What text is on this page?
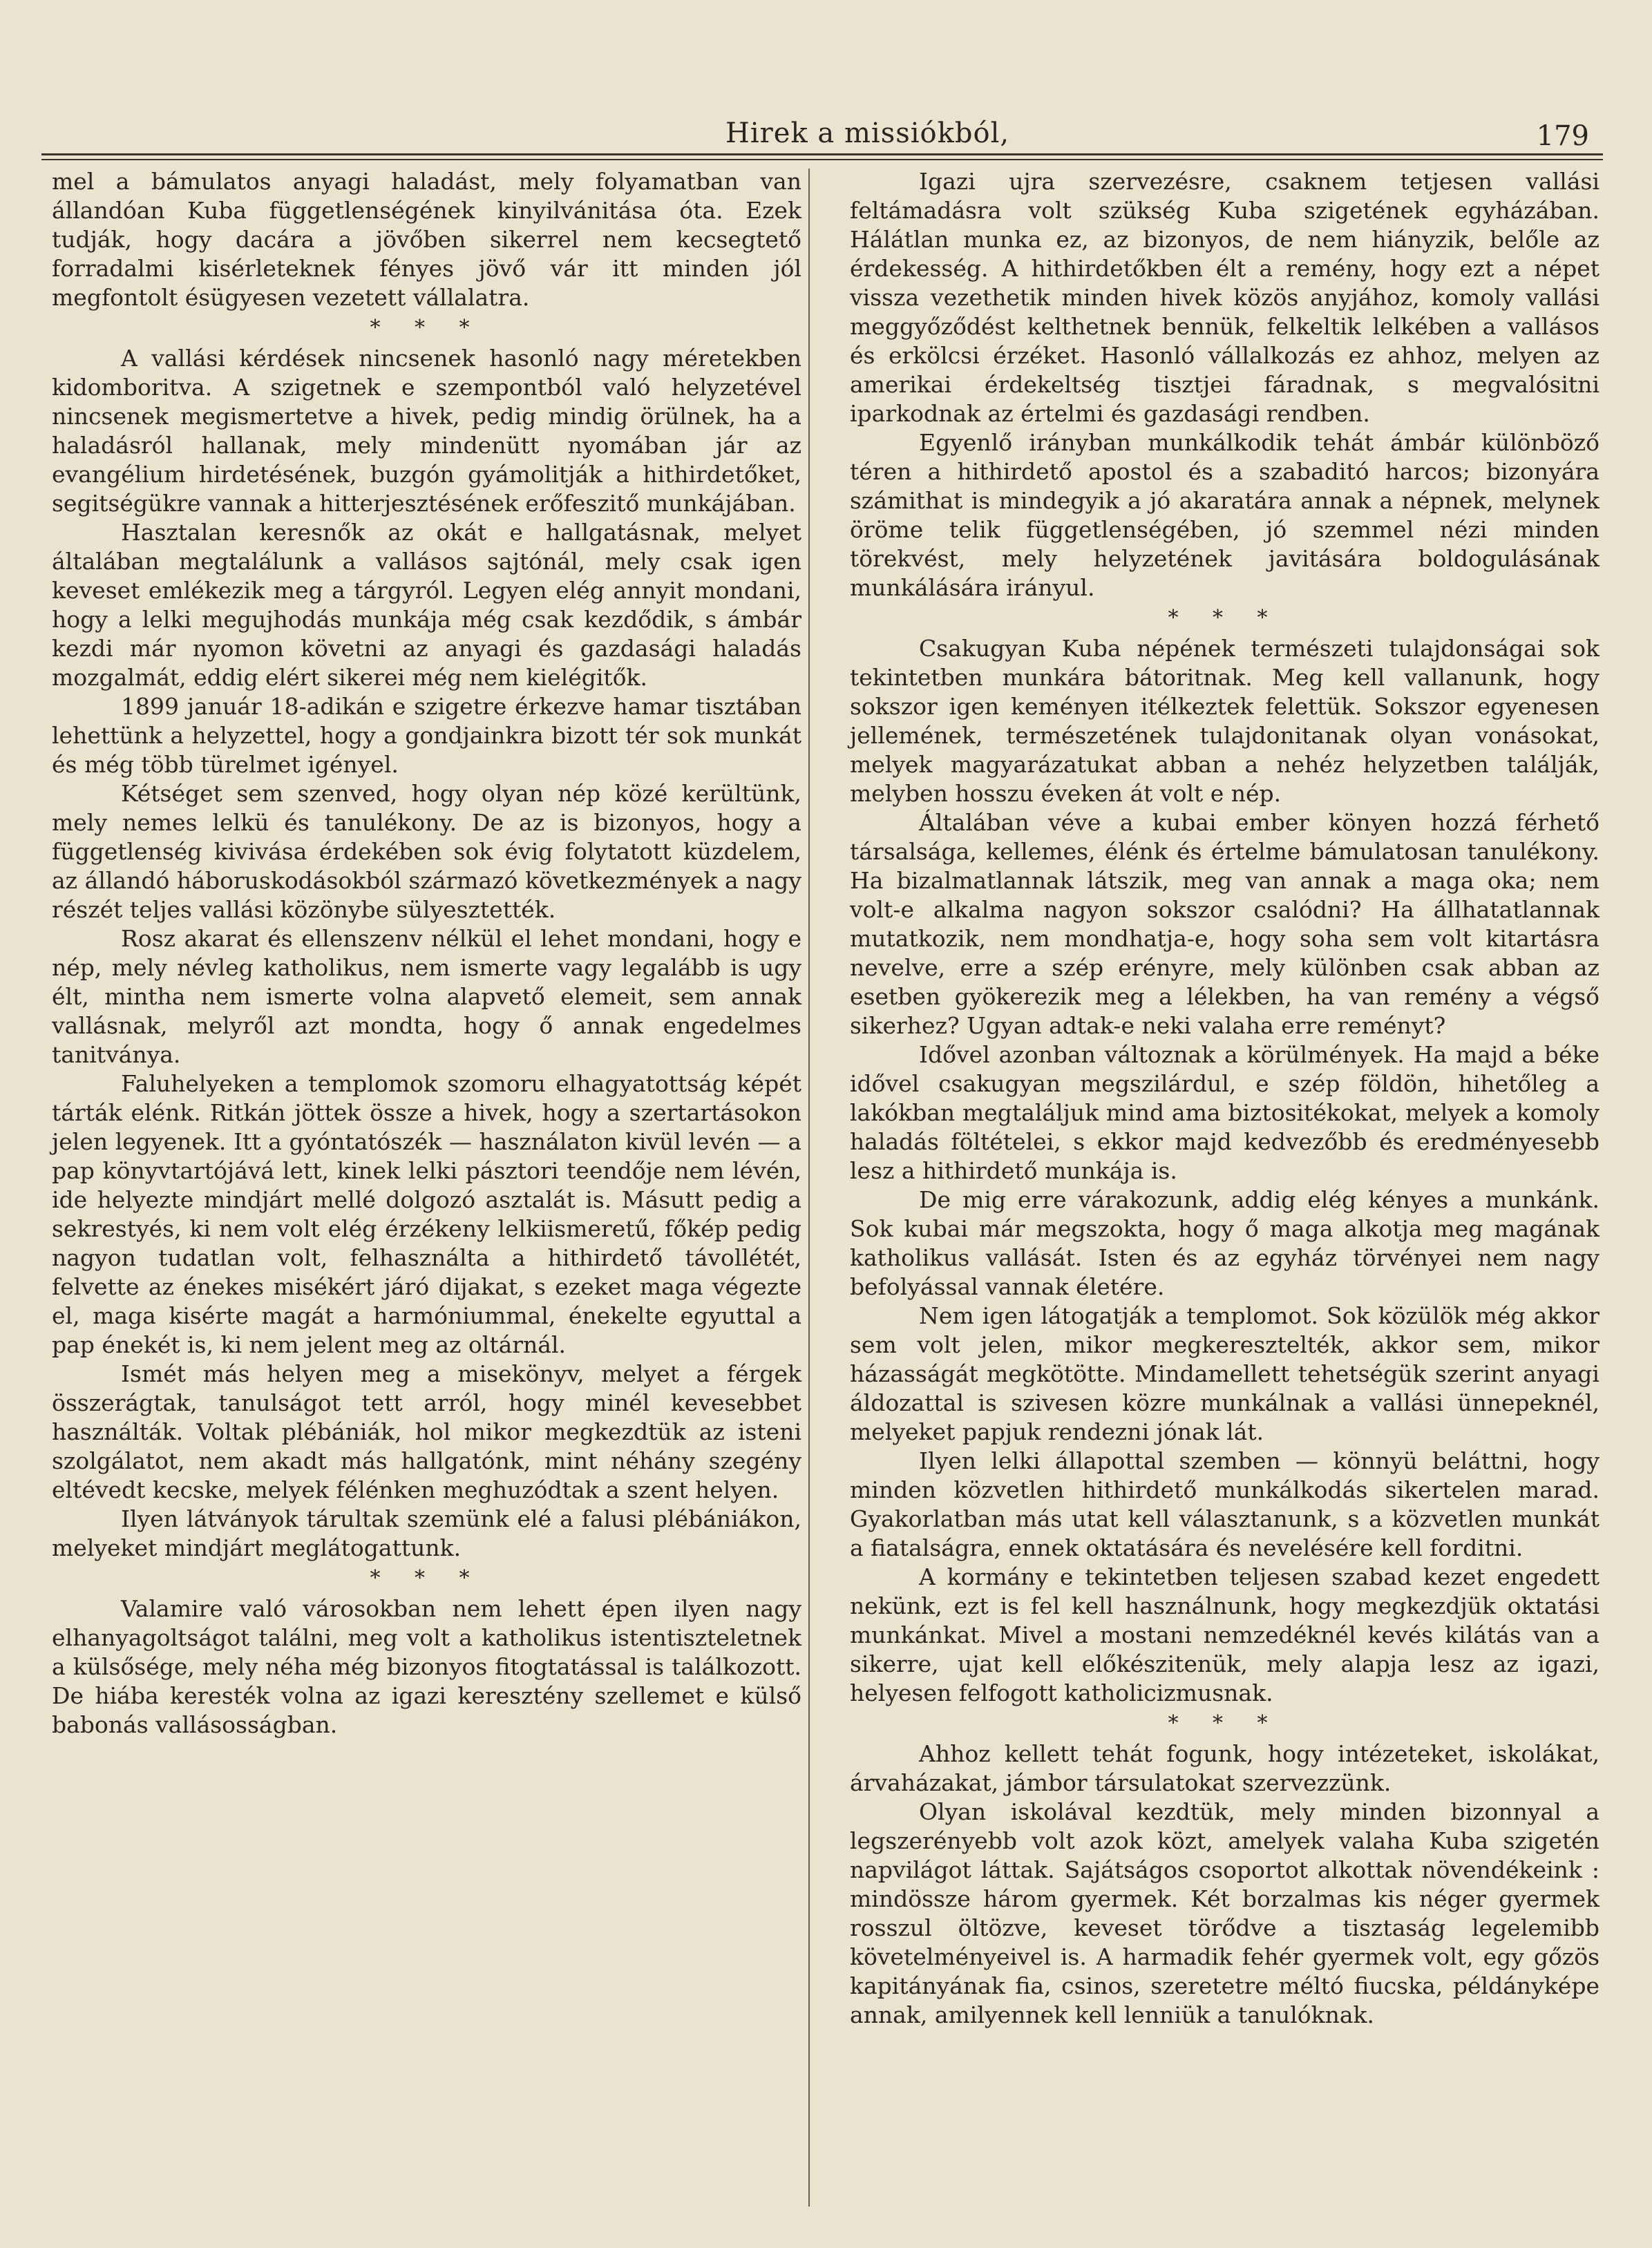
Hirek a missiókból,	179

mel a bámulatos anyagi haladást, mely folyamatban van állandóan Kuba függetlenségének kinyilvánitása óta. Ezek tudják, hogy dacára a jövőben sikerrel nem kecsegtető forradalmi kisérleteknek fényes jövő vár itt minden jól megfontolt ésügyesen vezetett vállalatra.

* * *

A vallási kérdések nincsenek hasonló nagy méretekben kidomboritva. A szigetnek e szempontból való helyzetével nincsenek megismertetve a hivek, pedig mindig örülnek, ha a haladásról hallanak, mely mindenütt nyomában jár az evangélium hirdetésének, buzgón gyámolitják a hithirdetőket, segitségükre vannak a hitterjesztésének erőfeszitő munkájában.

Hasztalan keresnők az okát e hallgatásnak, melyet általában megtalálunk a vallásos sajtónál, mely csak igen keveset emlékezik meg a tárgyról. Legyen elég annyit mondani, hogy a lelki megujhodás munkája még csak kezdődik, s ámbár kezdi már nyomon követni az anyagi és gazdasági haladás mozgalmát, eddig elért sikerei még nem kielégitők.

1899 január 18-adikán e szigetre érkezve hamar tisztában lehettünk a helyzettel, hogy a gondjainkra bizott tér sok munkát és még több türelmet igényel.

Kétséget sem szenved, hogy olyan nép közé kerültünk, mely nemes lelkü és tanulékony. De az is bizonyos, hogy a függetlenség kivivása érdekében sok évig folytatott küzdelem, az állandó háboruskodásokból származó következmények a nagy részét teljes vallási közönybe sülyesztették.

Rosz akarat és ellenszenv nélkül el lehet mondani, hogy e nép, mely névleg katholikus, nem ismerte vagy legalább is ugy élt, mintha nem ismerte volna alapvető elemeit, sem annak vallásnak, melyről azt mondta, hogy ő annak engedelmes tanitványa.

Faluhelyeken a templomok szomoru elhagyatottság képét tárták elénk. Ritkán jöttek össze a hivek, hogy a szertartásokon jelen legyenek. Itt a gyóntatószék — használaton kivül levén — a pap könyvtartójává lett, kinek lelki pásztori teendője nem lévén, ide helyezte mindjárt mellé dolgozó asztalát is. Másutt pedig a sekrestyés, ki nem volt elég érzékeny lelkiismeretű, főkép pedig nagyon tudatlan volt, felhasználta a hithirdető távollétét, felvette az énekes misékért járó dijakat, s ezeket maga végezte el, maga kisérte magát a harmóniummal, énekelte egyuttal a pap énekét is, ki nem jelent meg az oltárnál.

Ismét más helyen meg a misekönyv, melyet a férgek összerágtak, tanulságot tett arról, hogy minél kevesebbet használták. Voltak plébániák, hol mikor megkezdtük az isteni szolgálatot, nem akadt más hallgatónk, mint néhány szegény eltévedt kecske, melyek félénken meghuzódtak a szent helyen.

Ilyen látványok tárultak szemünk elé a falusi plébániákon, melyeket mindjárt meglátogattunk.

* * *

Valamire való városokban nem lehett épen ilyen nagy elhanyagoltságot találni, meg volt a katholikus istentiszteletnek a külsősége, mely néha még bizonyos fitogtatással is találkozott. De hiába keresték volna az igazi keresztény szellemet e külső babonás vallásosságban.

Igazi ujra szervezésre, csaknem tetjesen vallási feltámadásra volt szükség Kuba szigetének egyházában. Hálátlan munka ez, az bizonyos, de nem hiányzik, belőle az érdekesség. A hithirdetőkben élt a remény, hogy ezt a népet vissza vezethetik minden hivek közös anyjához, komoly vallási meggyőződést kelthetnek bennük, felkeltik lelkében a vallásos és erkölcsi érzéket. Hasonló vállalkozás ez ahhoz, melyen az amerikai érdekeltség tisztjei fáradnak, s megvalósitni iparkodnak az értelmi és gazdasági rendben.

Egyenlő irányban munkálkodik tehát ámbár különböző téren a hithirdető apostol és a szabaditó harcos; bizonyára számithat is mindegyik a jó akaratára annak a népnek, melynek öröme telik függetlenségében, jó szemmel nézi minden törekvést, mely helyzetének javitására boldogulásának munkálására irányul.

* * *

Csakugyan Kuba népének természeti tulajdonságai sok tekintetben munkára bátoritnak. Meg kell vallanunk, hogy sokszor igen keményen itélkeztek felettük. Sokszor egyenesen jellemének, természetének tulajdonitanak olyan vonásokat, melyek magyarázatukat abban a nehéz helyzetben találják, melyben hosszu éveken át volt e nép.

Általában véve a kubai ember könyen hozzá férhető társalsága, kellemes, élénk és értelme bámulatosan tanulékony. Ha bizalmatlannak látszik, meg van annak a maga oka; nem volt-e alkalma nagyon sokszor csalódni? Ha állhatatlannak mutatkozik, nem mondhatja-e, hogy soha sem volt kitartásra nevelve, erre a szép erényre, mely különben csak abban az esetben gyökerezik meg a lélekben, ha van remény a végső sikerhez? Ugyan adtak-e neki valaha erre reményt?

Idővel azonban változnak a körülmények. Ha majd a béke idővel csakugyan megszilárdul, e szép földön, hihetőleg a lakókban megtaláljuk mind ama biztositékokat, melyek a komoly haladás föltételei, s ekkor majd kedvezőbb és eredményesebb lesz a hithirdető munkája is.

De mig erre várakozunk, addig elég kényes a munkánk. Sok kubai már megszokta, hogy ő maga alkotja meg magának katholikus vallását. Isten és az egyház törvényei nem nagy befolyással vannak életére.

Nem igen látogatják a templomot. Sok közülök még akkor sem volt jelen, mikor megkeresztelték, akkor sem, mikor házasságát megkötötte. Mindamellett tehetségük szerint anyagi áldozattal is szivesen közre munkálnak a vallási ünnepeknél, melyeket papjuk rendezni jónak lát.

Ilyen lelki állapottal szemben — könnyü beláttni, hogy minden közvetlen hithirdető munkálkodás sikertelen marad. Gyakorlatban más utat kell választanunk, s a közvetlen munkát a fiatalságra, ennek oktatására és nevelésére kell forditni.

A kormány e tekintetben teljesen szabad kezet engedett nekünk, ezt is fel kell használnunk, hogy megkezdjük oktatási munkánkat. Mivel a mostani nemzedéknél kevés kilátás van a sikerre, ujat kell előkészitenük, mely alapja lesz az igazi, helyesen felfogott katholicizmusnak.

* * *

Ahhoz kellett tehát fogunk, hogy intézeteket, iskolákat, árvaházakat, jámbor társulatokat szervezzünk.

Olyan iskolával kezdtük, mely minden bizonnyal a legszerényebb volt azok közt, amelyek valaha Kuba szigetén napvilágot láttak. Sajátságos csoportot alkottak növendékeink : mindössze három gyermek. Két borzalmas kis néger gyermek rosszul öltözve, keveset törődve a tisztaság legelemibb követelményeivel is. A harmadik fehér gyermek volt, egy gőzös kapitányának fia, csinos, szeretetre méltó fiucska, példányképe annak, amilyennek kell lenniük a tanulóknak.
